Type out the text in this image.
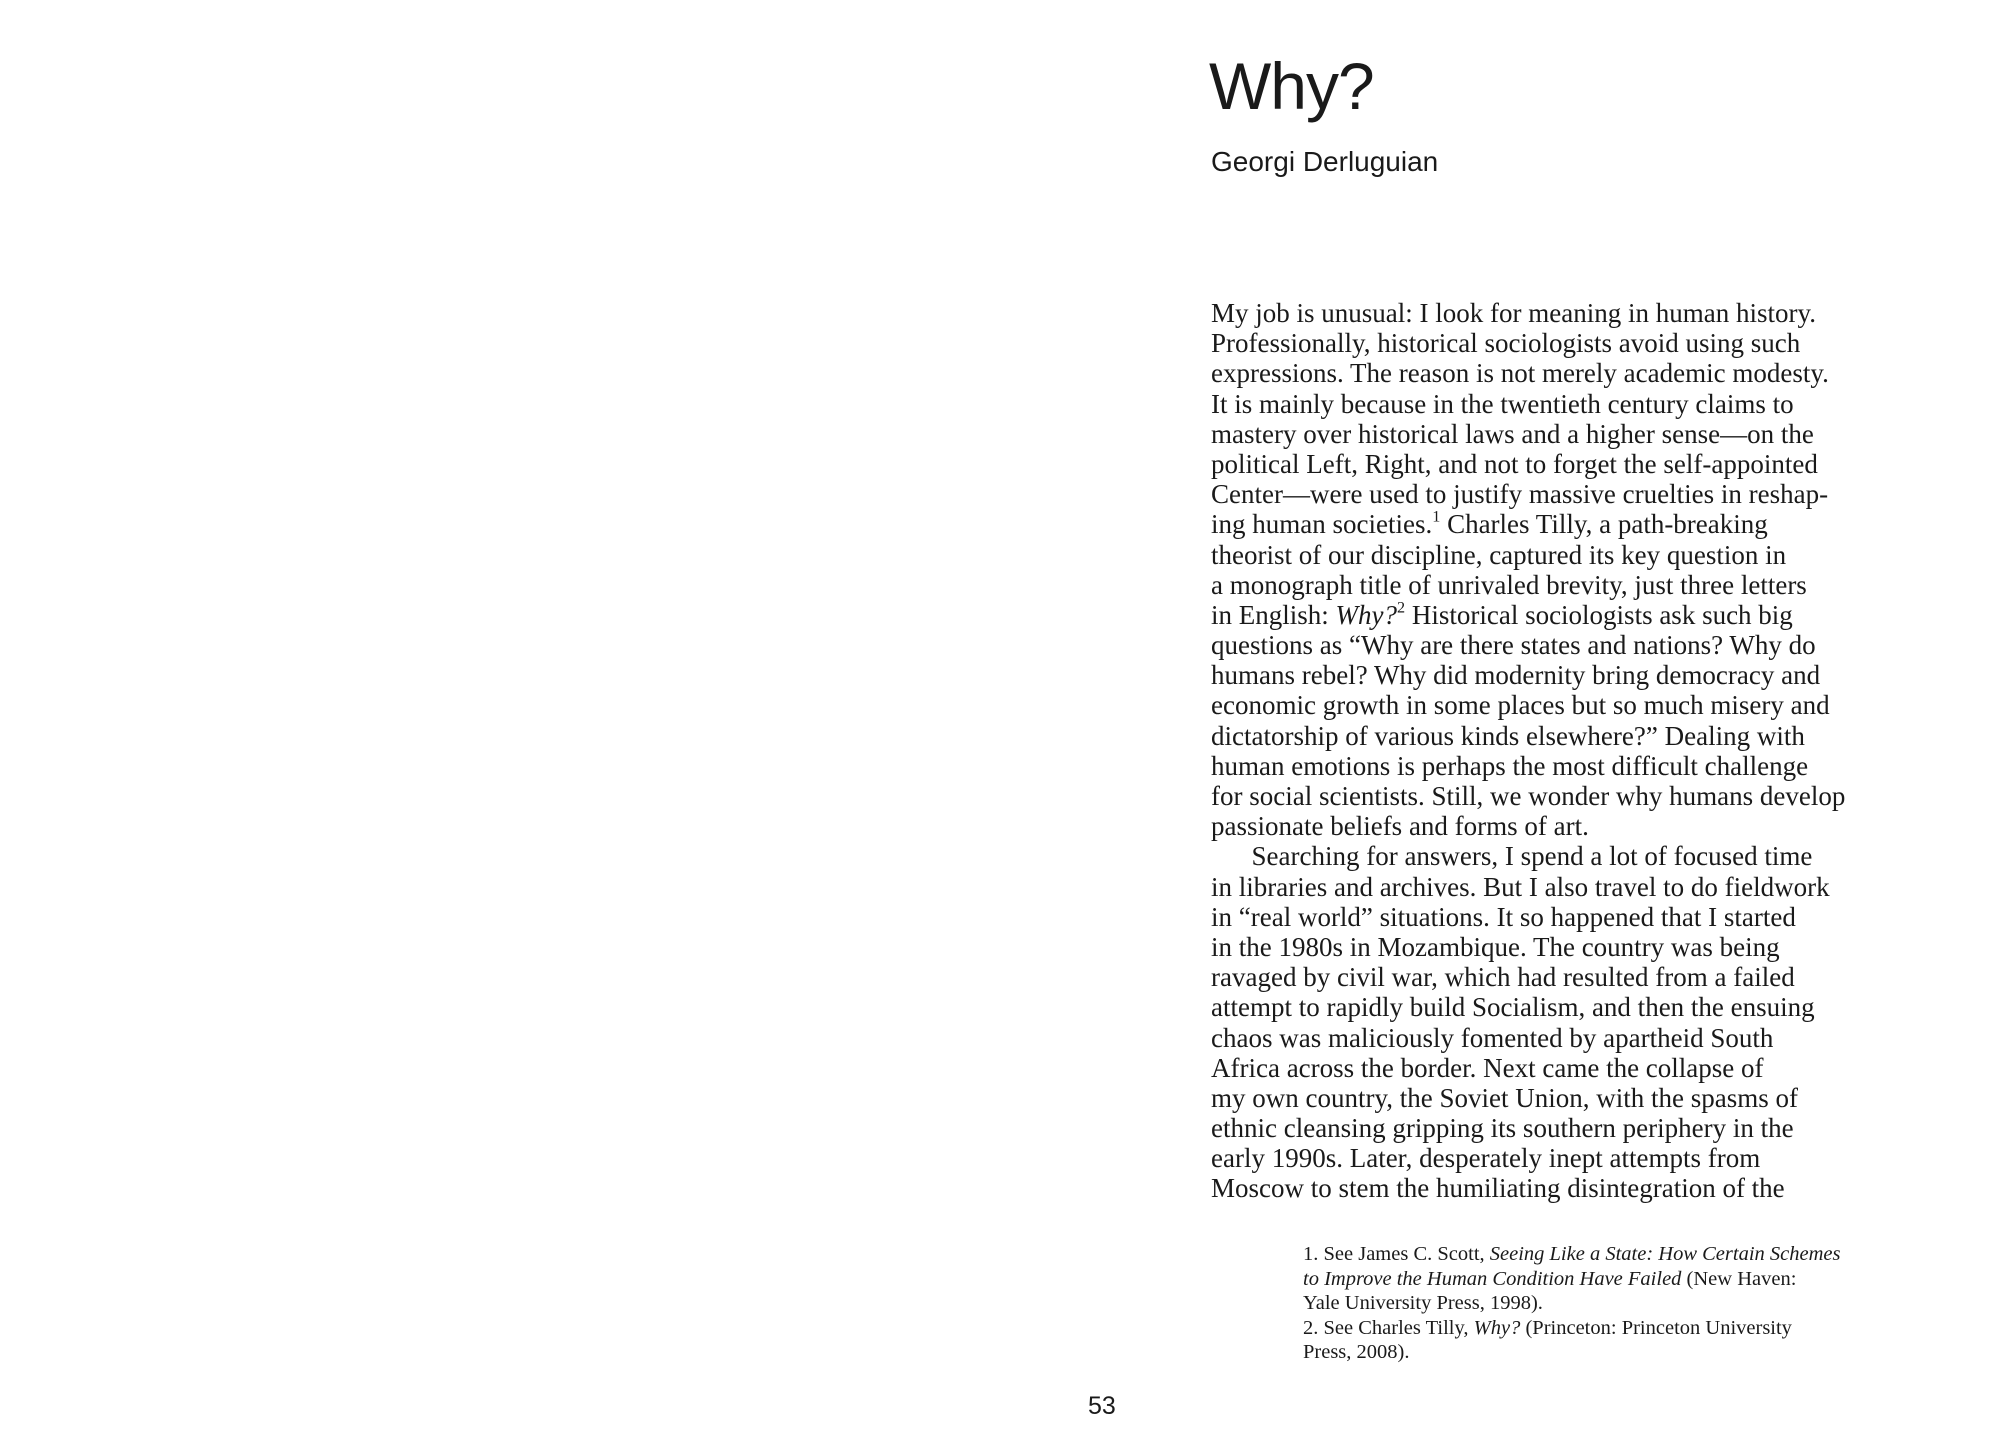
Why?
Georgi Derluguian
My job is unusual: I look for meaning in human history.
Professionally, historical sociologists avoid using such
expressions. The reason is not merely academic modesty.
It is mainly because in the twentieth century claims to
mastery over historical laws and a higher sense—on the
political Left, Right, and not to forget the self-appointed
Center—were used to justify massive cruelties in reshap-
ing human societies.$^1$ Charles Tilly, a path-breaking
theorist of our discipline, captured its key question in
a monograph title of unrivaled brevity, just three letters
in English: Why?$^2$ Historical sociologists ask such big
questions as “Why are there states and nations? Why do
humans rebel? Why did modernity bring democracy and
economic growth in some places but so much misery and
dictatorship of various kinds elsewhere?” Dealing with
human emotions is perhaps the most difficult challenge
for social scientists. Still, we wonder why humans develop
passionate beliefs and forms of art.
  Searching for answers, I spend a lot of focused time
in libraries and archives. But I also travel to do fieldwork
in “real world” situations. It so happened that I started
in the 1980s in Mozambique. The country was being
ravaged by civil war, which had resulted from a failed
attempt to rapidly build Socialism, and then the ensuing
chaos was maliciously fomented by apartheid South
Africa across the border. Next came the collapse of
my own country, the Soviet Union, with the spasms of
ethnic cleansing gripping its southern periphery in the
early 1990s. Later, desperately inept attempts from
Moscow to stem the humiliating disintegration of the
1. See James C. Scott, Seeing Like a State: How Certain Schemes
to Improve the Human Condition Have Failed (New Haven:
Yale University Press, 1998).
2. See Charles Tilly, Why? (Princeton: Princeton University
Press, 2008).
53
